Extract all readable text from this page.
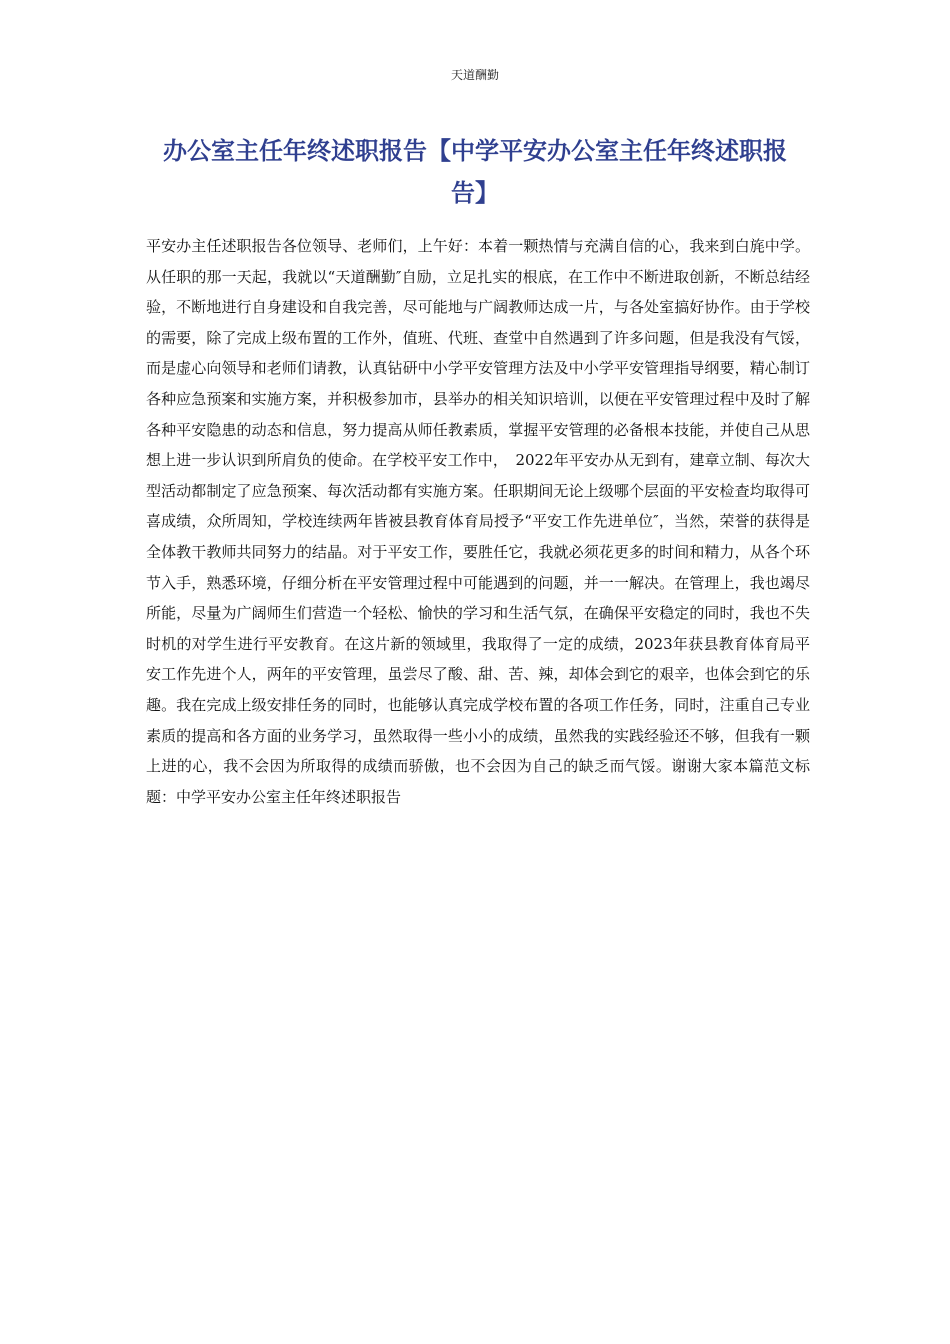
天道酬勤
办公室主任年终述职报告【中学平安办公室主任年终述职报告】

平安办主任述职报告各位领导、老师们，上午好：本着一颗热情与充满自信的心，我来到白旄中学。从任职的那一天起，我就以“天道酬勤″自励，立足扎实的根底，在工作中不断进取创新，不断总结经验，不断地进行自身建设和自我完善，尽可能地与广阔教师达成一片，与各处室搞好协作。由于学校的需要，除了完成上级布置的工作外，值班、代班、查堂中自然遇到了许多问题，但是我没有气馁，而是虚心向领导和老师们请教，认真钻研中小学平安管理方法及中小学平安管理指导纲要，精心制订各种应急预案和实施方案，并积极参加市，县举办的相关知识培训，以便在平安管理过程中及时了解各种平安隐患的动态和信息，努力提高从师任教素质，掌握平安管理的必备根本技能，并使自己从思想上进一步认识到所肩负的使命。在学校平安工作中，　2022年平安办从无到有，建章立制、每次大型活动都制定了应急预案、每次活动都有实施方案。任职期间无论上级哪个层面的平安检查均取得可喜成绩，众所周知，学校连续两年皆被县教育体育局授予“平安工作先进单位″，当然，荣誉的获得是全体教干教师共同努力的结晶。对于平安工作，要胜任它，我就必须花更多的时间和精力，从各个环节入手，熟悉环境，仔细分析在平安管理过程中可能遇到的问题，并一一解决。在管理上，我也竭尽所能，尽量为广阔师生们营造一个轻松、愉快的学习和生活气氛，在确保平安稳定的同时，我也不失时机的对学生进行平安教育。在这片新的领域里，我取得了一定的成绩，2023年获县教育体育局平安工作先进个人，两年的平安管理，虽尝尽了酸、甜、苦、辣，却体会到它的艰辛，也体会到它的乐趣。我在完成上级安排任务的同时，也能够认真完成学校布置的各项工作任务，同时，注重自己专业素质的提高和各方面的业务学习，虽然取得一些小小的成绩，虽然我的实践经验还不够，但我有一颗上进的心，我不会因为所取得的成绩而骄傲，也不会因为自己的缺乏而气馁。谢谢大家本篇范文标题：中学平安办公室主任年终述职报告
